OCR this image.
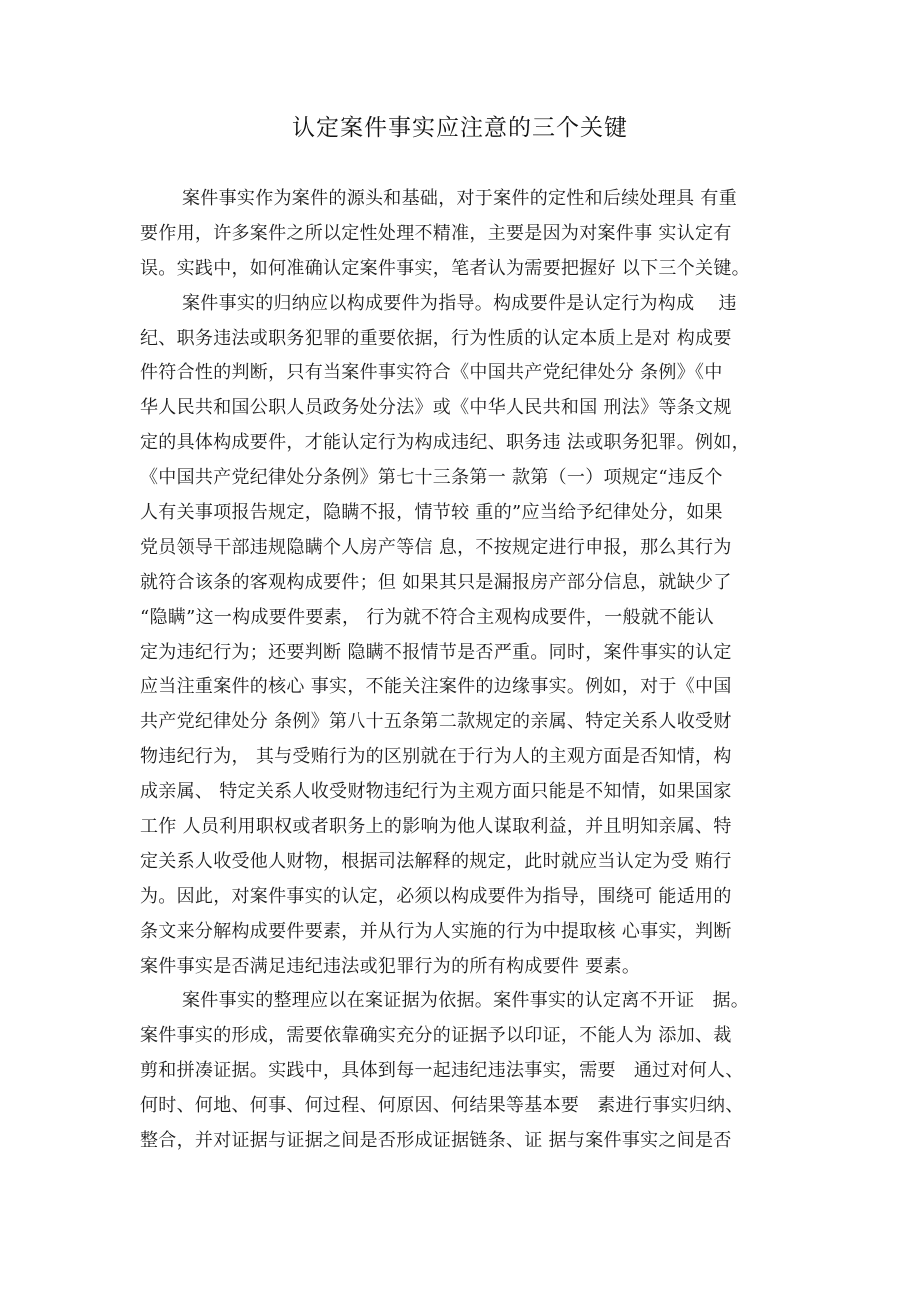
认定案件事实应注意的三个关键
案件事实作为案件的源头和基础，对于案件的定性和后续处理具 有重
要作用，许多案件之所以定性处理不精准，主要是因为对案件事 实认定有
误。实践中，如何准确认定案件事实，笔者认为需要把握好 以下三个关键。
案件事实的归纳应以构成要件为指导。构成要件是认定行为构成    违
纪、职务违法或职务犯罪的重要依据，行为性质的认定本质上是对 构成要
件符合性的判断，只有当案件事实符合《中国共产党纪律处分 条例》《中
华人民共和国公职人员政务处分法》或《中华人民共和国 刑法》等条文规
定的具体构成要件，才能认定行为构成违纪、职务违 法或职务犯罪。例如，
《中国共产党纪律处分条例》第七十三条第一 款第（一）项规定“违反个
人有关事项报告规定，隐瞒不报，情节较 重的”应当给予纪律处分，如果
党员领导干部违规隐瞒个人房产等信 息，不按规定进行申报，那么其行为
就符合该条的客观构成要件；但 如果其只是漏报房产部分信息，就缺少了
“隐瞒”这一构成要件要素， 行为就不符合主观构成要件，一般就不能认
定为违纪行为；还要判断 隐瞒不报情节是否严重。同时，案件事实的认定
应当注重案件的核心 事实，不能关注案件的边缘事实。例如，对于《中国
共产党纪律处分 条例》第八十五条第二款规定的亲属、特定关系人收受财
物违纪行为， 其与受贿行为的区别就在于行为人的主观方面是否知情，构
成亲属、 特定关系人收受财物违纪行为主观方面只能是不知情，如果国家
工作 人员利用职权或者职务上的影响为他人谋取利益，并且明知亲属、特
定关系人收受他人财物，根据司法解释的规定，此时就应当认定为受 贿行
为。因此，对案件事实的认定，必须以构成要件为指导，围绕可 能适用的
条文来分解构成要件要素，并从行为人实施的行为中提取核 心事实，判断
案件事实是否满足违纪违法或犯罪行为的所有构成要件 要素。
案件事实的整理应以在案证据为依据。案件事实的认定离不开证   据。
案件事实的形成，需要依靠确实充分的证据予以印证，不能人为 添加、裁
剪和拼凑证据。实践中，具体到每一起违纪违法事实，需要   通过对何人、
何时、何地、何事、何过程、何原因、何结果等基本要   素进行事实归纳、
整合，并对证据与证据之间是否形成证据链条、证 据与案件事实之间是否
